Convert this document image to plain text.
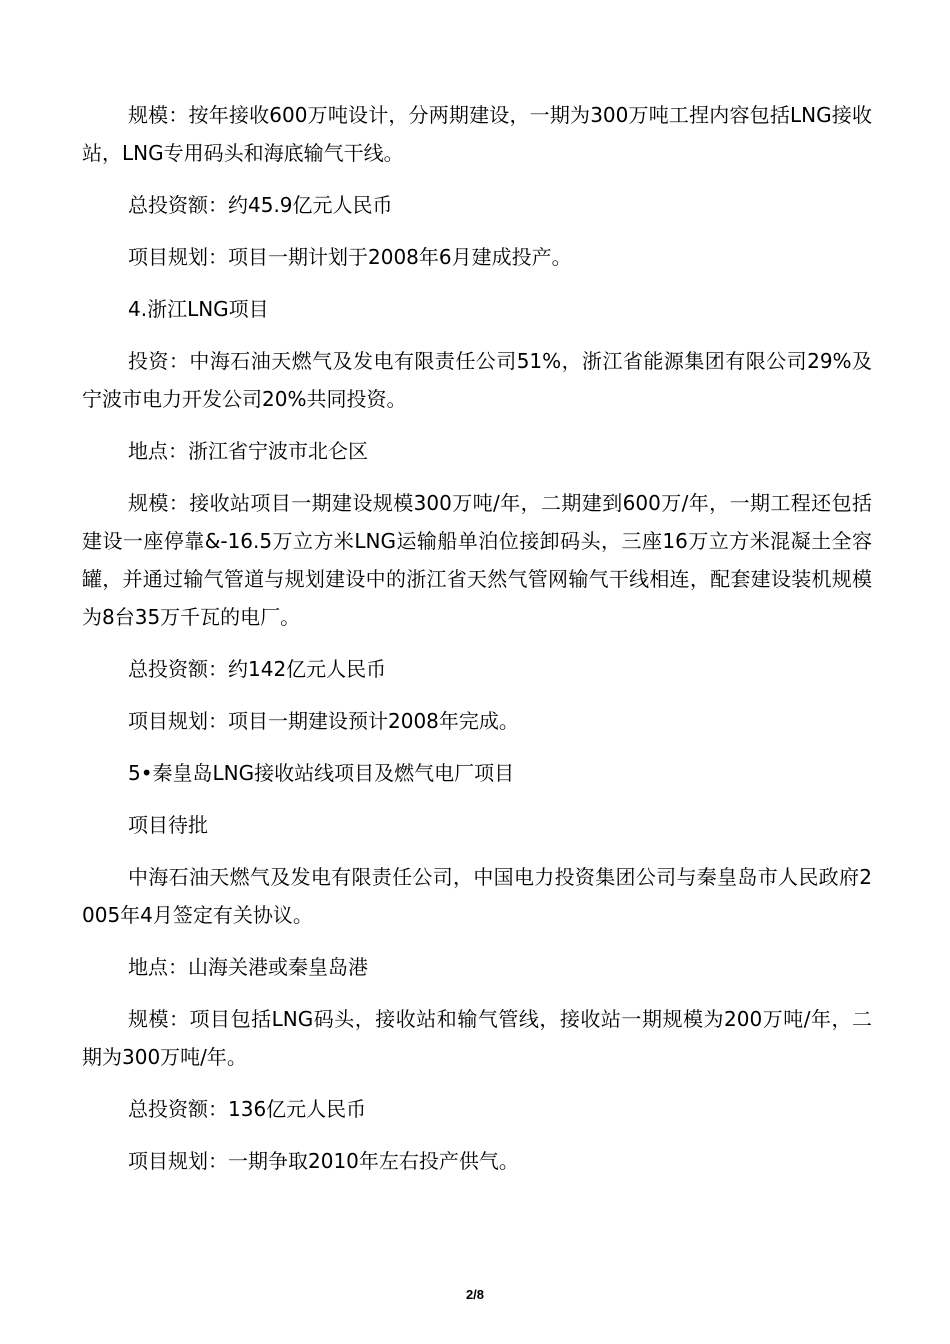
规模：按年接收600万吨设计，分两期建设，一期为300万吨工捏内容包括LNG接收站，LNG专用码头和海底输气干线。

总投资额：约45.9亿元人民币

项目规划：项目一期计划于2008年6月建成投产。

4.浙江LNG项目

投资：中海石油天燃气及发电有限责任公司51%，浙江省能源集团有限公司29%及宁波市电力开发公司20%共同投资。

地点：浙江省宁波市北仑区

规模：接收站项目一期建设规模300万吨/年，二期建到600万/年，一期工程还包括建设一座停靠&-16.5万立方米LNG运输船单泊位接卸码头，三座16万立方米混凝土全容罐，并通过输气管道与规划建设中的浙江省天然气管网输气干线相连，配套建设装机规模为8台35万千瓦的电厂。

总投资额：约142亿元人民币

项目规划：项目一期建设预计2008年完成。

5•秦皇岛LNG接收站线项目及燃气电厂项目

项目待批

中海石油天燃气及发电有限责任公司，中国电力投资集团公司与秦皇岛市人民政府2005年4月签定有关协议。

地点：山海关港或秦皇岛港

规模：项目包括LNG码头，接收站和输气管线，接收站一期规模为200万吨/年，二期为300万吨/年。

总投资额：136亿元人民币

项目规划：一期争取2010年左右投产供气。

2/8
